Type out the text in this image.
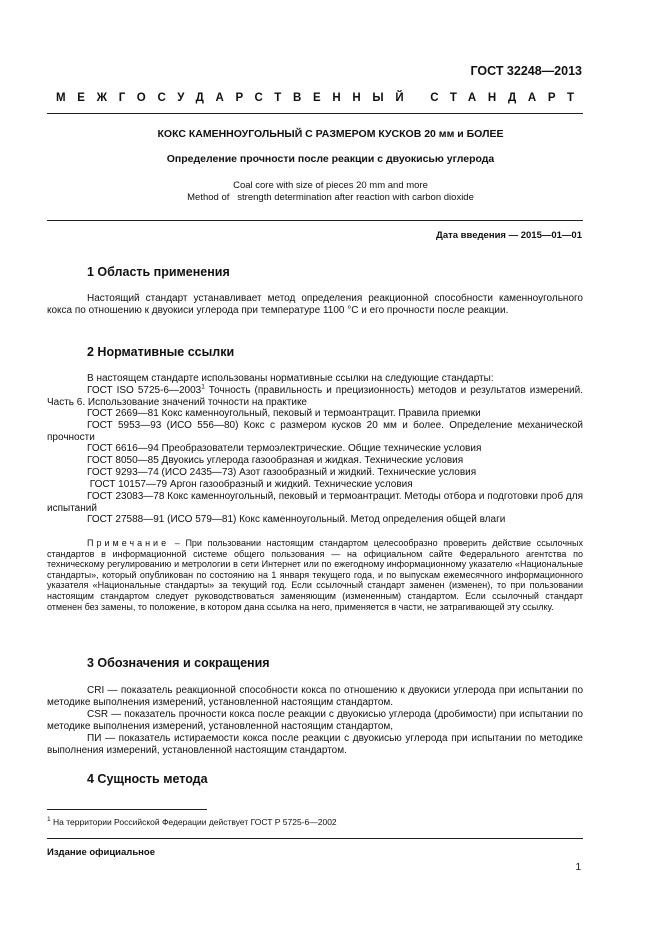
ГОСТ 32248—2013
МЕЖГОСУДАРСТВЕННЫЙ СТАНДАРТ
КОКС КАМЕННОУГОЛЬНЫЙ С РАЗМЕРОМ КУСКОВ 20 мм и БОЛЕЕ
Определение прочности после реакции с двуокисью углерода
Coal core with size of pieces 20 mm and more
Method of   strength determination after reaction with carbon dioxide
Дата введения — 2015—01—01
1 Область применения
Настоящий стандарт устанавливает метод определения реакционной способности каменноугольного кокса по отношению к двуокиси углерода при температуре 1100 °С и его прочности после реакции.
2 Нормативные ссылки
В настоящем стандарте использованы нормативные ссылки на следующие стандарты:
ГОСТ ISO 5725-6—2003$^1$ Точность (правильность и прецизионность) методов и результатов измерений. Часть 6. Использование значений точности на практике
ГОСТ 2669—81 Кокс каменноугольный, пековый и термоантрацит. Правила приемки
ГОСТ 5953—93 (ИСО 556—80) Кокс с размером кусков 20 мм и более. Определение механической прочности
ГОСТ 6616—94 Преобразователи термоэлектрические. Общие технические условия
ГОСТ 8050—85 Двуокись углерода газообразная и жидкая. Технические условия
ГОСТ 9293—74 (ИСО 2435—73) Азот газообразный и жидкий. Технические условия
ГОСТ 10157—79 Аргон газообразный и жидкий. Технические условия
ГОСТ 23083—78 Кокс каменноугольный, пековый и термоантрацит. Методы отбора и подготовки проб для испытаний
ГОСТ 27588—91 (ИСО 579—81) Кокс каменноугольный. Метод определения общей влаги
Примечание – При пользовании настоящим стандартом целесообразно проверить действие ссылочных стандартов в информационной системе общего пользования — на официальном сайте Федерального агентства по техническому регулированию и метрологии в сети Интернет или по ежегодному информационному указателю «Национальные стандарты», который опубликован по состоянию на 1 января текущего года, и по выпускам ежемесячного информационного указателя «Национальные стандарты» за текущий год. Если ссылочный стандарт заменен (изменен), то при пользовании настоящим стандартом следует руководствоваться заменяющим (измененным) стандартом. Если ссылочный стандарт отменен без замены, то положение, в котором дана ссылка на него, применяется в части, не затрагивающей эту ссылку.
3 Обозначения и сокращения
CRI — показатель реакционной способности кокса по отношению к двуокиси углерода при испытании по методике выполнения измерений, установленной настоящим стандартом.
CSR — показатель прочности кокса после реакции с двуокисью углерода (дробимости) при испытании по методике выполнения измерений, установленной настоящим стандартом,
ПИ — показатель истираемости кокса после реакции с двуокисью углерода при испытании по методике выполнения измерений, установленной настоящим стандартом.
4 Сущность метода
$^1$ На территории Российской Федерации действует ГОСТ Р 5725-6—2002
Издание официальное
1
